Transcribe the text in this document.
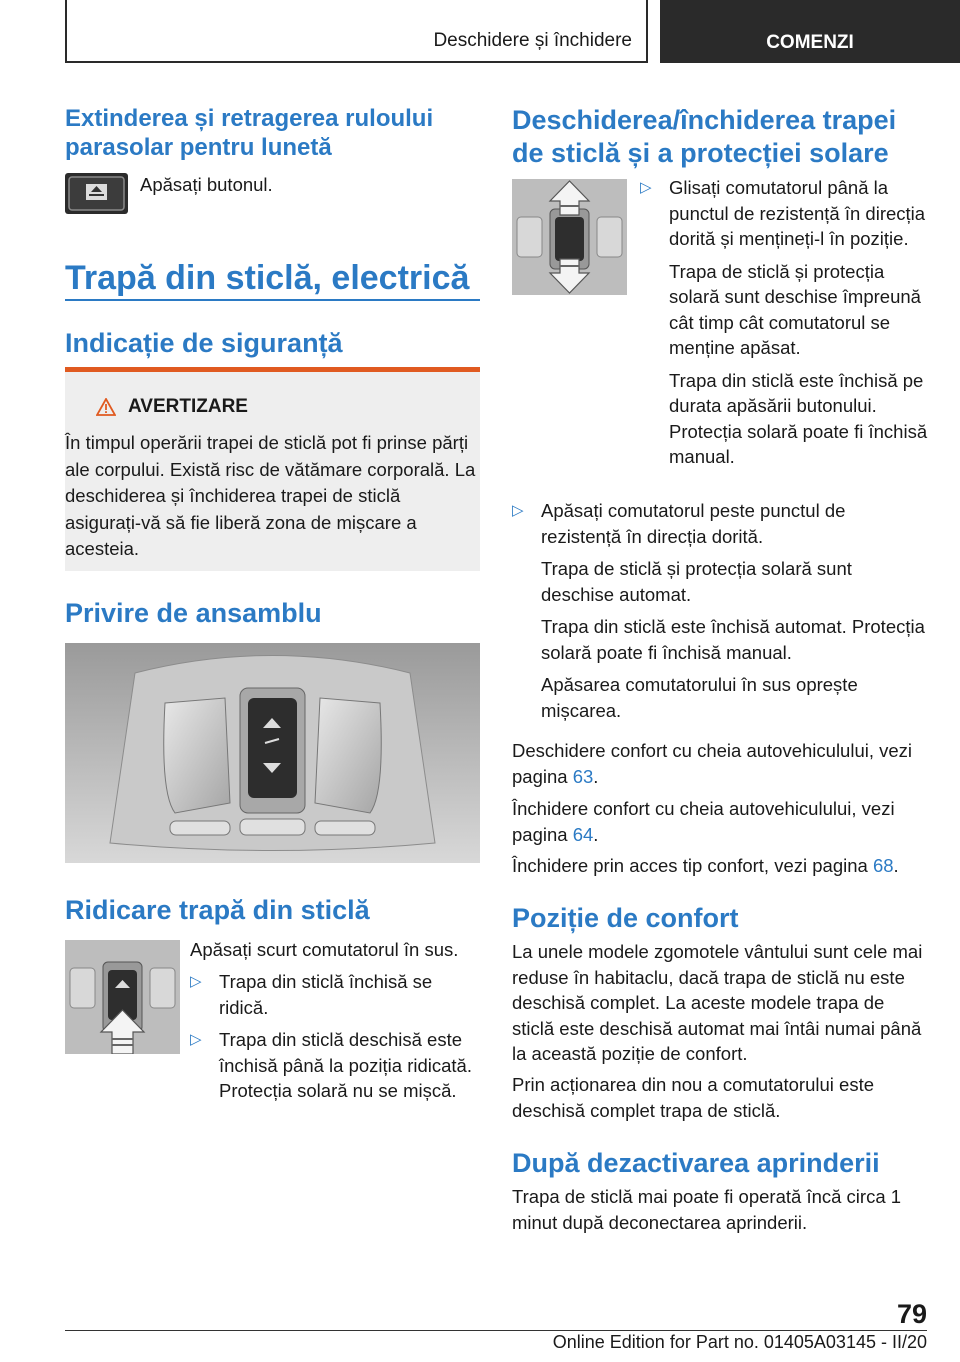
Deschidere și închidere	COMENZI
Extinderea și retragerea ruloului parasolar pentru lunetă
Apăsați butonul.
Trapă din sticlă, electrică
Indicație de siguranță
AVERTIZARE
În timpul operării trapei de sticlă pot fi prinse părți ale corpului. Există risc de vătămare corporală. La deschiderea și închiderea trapei de sticlă asigurați-vă să fie liberă zona de mișcare a acesteia.
Privire de ansamblu
Ridicare trapă din sticlă
Apăsați scurt comutatorul în sus.
▷ Trapa din sticlă închisă se ridică.

▷ Trapa din sticlă deschisă este închisă până la poziția ridicată. Protecția solară nu se mișcă.

Deschiderea/închiderea trapei de sticlă și a protecției solare
▷ Glisați comutatorul până la punctul de rezistență în direcția dorită și mențineți-l în poziție.

Trapa de sticlă și protecția solară sunt deschise împreună cât timp cât comutatorul se menține apăsat.

Trapa din sticlă este închisă pe durata apăsării butonului. Protecția solară poate fi închisă manual.

▷ Apăsați comutatorul peste punctul de rezistență în direcția dorită.

Trapa de sticlă și protecția solară sunt deschise automat.

Trapa din sticlă este închisă automat. Protecția solară poate fi închisă manual.

Apăsarea comutatorului în sus oprește mișcarea.

Deschidere confort cu cheia autovehiculului, vezi pagina 63.
Închidere confort cu cheia autovehiculului, vezi pagina 64.
Închidere prin acces tip confort, vezi pagina 68.
Poziție de confort
La unele modele zgomotele vântului sunt cele mai reduse în habitaclu, dacă trapa de sticlă nu este deschisă complet. La aceste modele trapa de sticlă este deschisă automat mai întâi numai până la această poziție de confort.
Prin acționarea din nou a comutatorului este deschisă complet trapa de sticlă.
După dezactivarea aprinderii
Trapa de sticlă mai poate fi operată încă circa 1 minut după deconectarea aprinderii.
79
Online Edition for Part no. 01405A03145 - II/20
